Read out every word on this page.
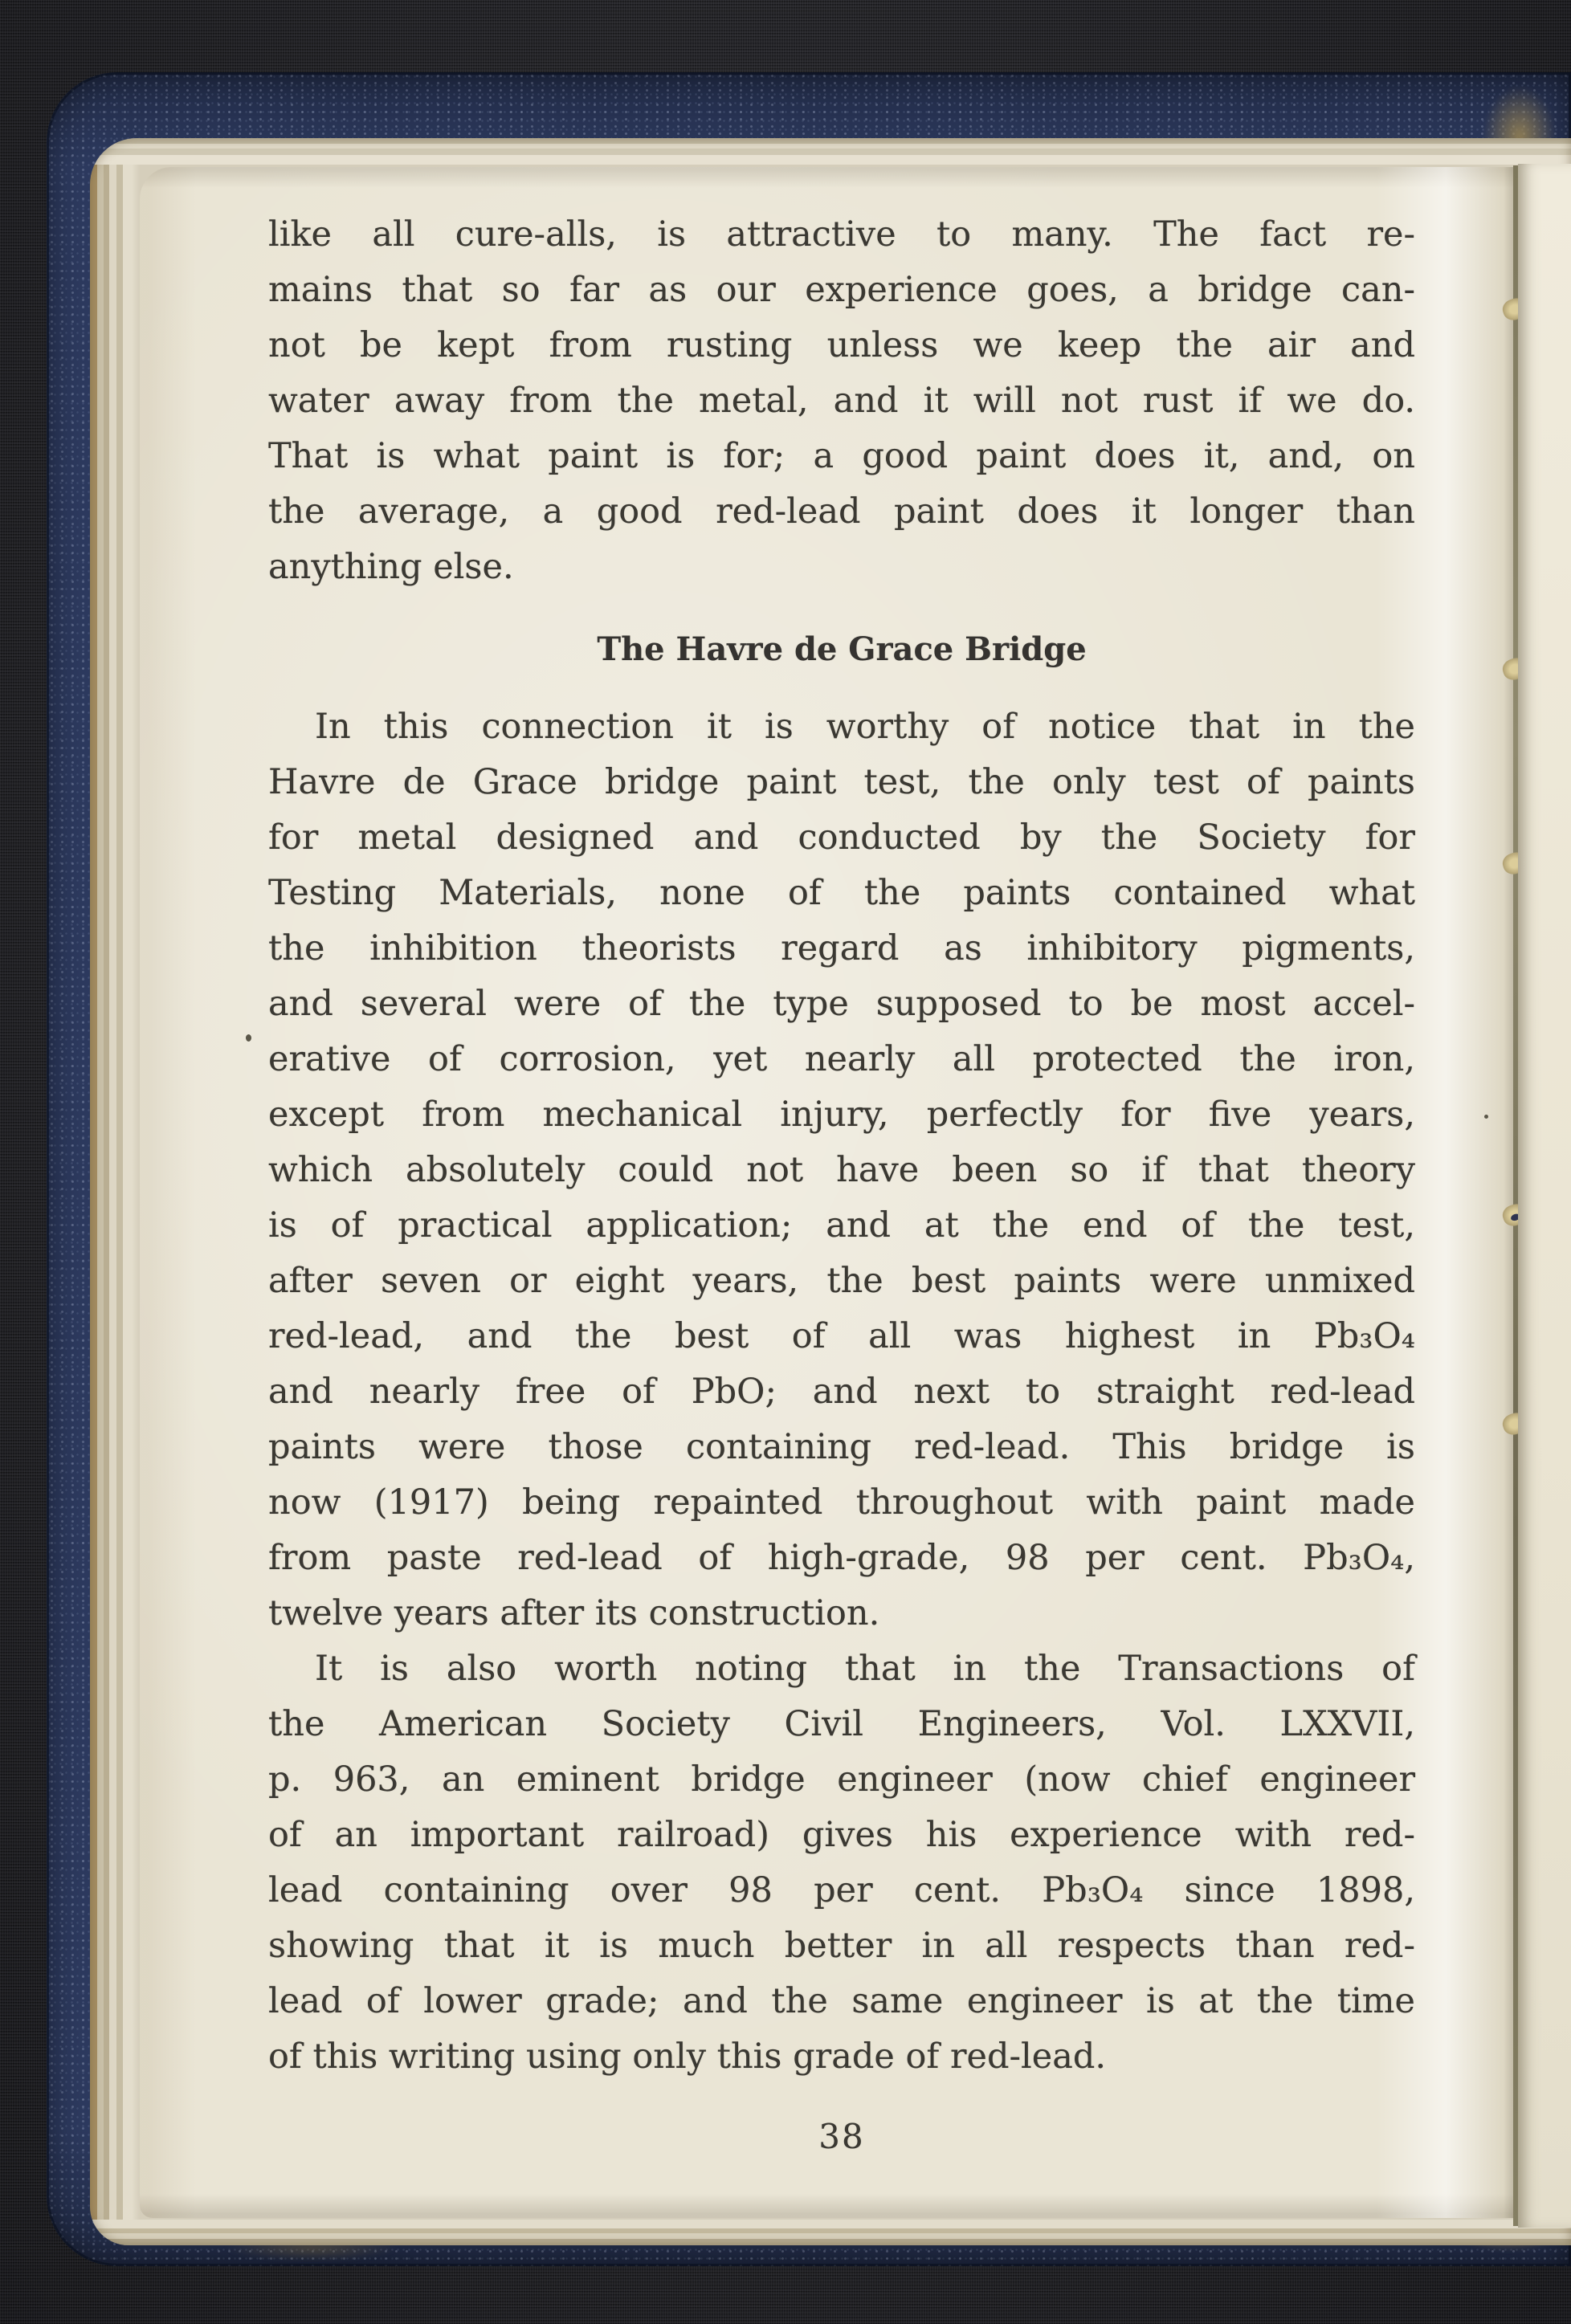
like all cure-alls, is attractive to many. The fact re-
mains that so far as our experience goes, a bridge can-
not be kept from rusting unless we keep the air and
water away from the metal, and it will not rust if we do.
That is what paint is for; a good paint does it, and, on
the average, a good red-lead paint does it longer than
anything else.
The Havre de Grace Bridge
In this connection it is worthy of notice that in the
Havre de Grace bridge paint test, the only test of paints
for metal designed and conducted by the Society for
Testing Materials, none of the paints contained what
the inhibition theorists regard as inhibitory pigments,
and several were of the type supposed to be most accel-
erative of corrosion, yet nearly all protected the iron,
except from mechanical injury, perfectly for five years,
which absolutely could not have been so if that theory
is of practical application; and at the end of the test,
after seven or eight years, the best paints were unmixed
red-lead, and the best of all was highest in Pb₃O₄
and nearly free of PbO; and next to straight red-lead
paints were those containing red-lead. This bridge is
now (1917) being repainted throughout with paint made
from paste red-lead of high-grade, 98 per cent. Pb₃O₄,
twelve years after its construction.
It is also worth noting that in the Transactions of
the American Society Civil Engineers, Vol. LXXVII,
p. 963, an eminent bridge engineer (now chief engineer
of an important railroad) gives his experience with red-
lead containing over 98 per cent. Pb₃O₄ since 1898,
showing that it is much better in all respects than red-
lead of lower grade; and the same engineer is at the time
of this writing using only this grade of red-lead.
38
